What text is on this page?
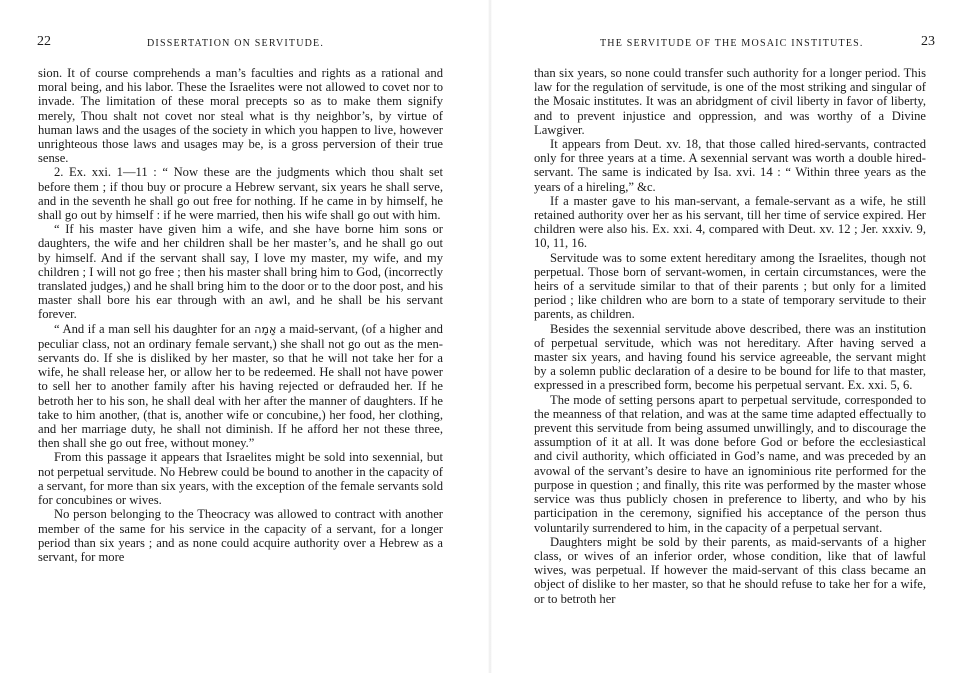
22	DISSERTATION ON SERVITUDE.

sion. It of course comprehends a man’s faculties and rights as a rational and moral being, and his labor. These the Israelites were not allowed to covet nor to invade. The limitation of these moral precepts so as to make them signify merely, Thou shalt not covet nor steal what is thy neighbor’s, by virtue of human laws and the usages of the society in which you happen to live, however unrighteous those laws and usages may be, is a gross perversion of their true sense.

2. Ex. xxi. 1—11 : “ Now these are the judgments which thou shalt set before them ; if thou buy or procure a Hebrew servant, six years he shall serve, and in the seventh he shall go out free for nothing. If he came in by himself, he shall go out by himself : if he were married, then his wife shall go out with him.

“ If his master have given him a wife, and she have borne him sons or daughters, the wife and her children shall be her master’s, and he shall go out by himself. And if the servant shall say, I love my master, my wife, and my children ; I will not go free ; then his master shall bring him to God, (incorrectly translated judges,) and he shall bring him to the door or to the door post, and his master shall bore his ear through with an awl, and he shall be his servant forever.

“ And if a man sell his daughter for an אָמָה a maid-servant, (of a higher and peculiar class, not an ordinary female servant,) she shall not go out as the men-servants do. If she is disliked by her master, so that he will not take her for a wife, he shall release her, or allow her to be redeemed. He shall not have power to sell her to another family after his having rejected or defrauded her. If he betroth her to his son, he shall deal with her after the manner of daughters. If he take to him another, (that is, another wife or concubine,) her food, her clothing, and her marriage duty, he shall not diminish. If he afford her not these three, then shall she go out free, without money.”

From this passage it appears that Israelites might be sold into sexennial, but not perpetual servitude. No Hebrew could be bound to another in the capacity of a servant, for more than six years, with the exception of the female servants sold for concubines or wives.

No person belonging to the Theocracy was allowed to contract with another member of the same for his service in the capacity of a servant, for a longer period than six years ; and as none could acquire authority over a Hebrew as a servant, for more

THE SERVITUDE OF THE MOSAIC INSTITUTES.	23

than six years, so none could transfer such authority for a longer period. This law for the regulation of servitude, is one of the most striking and singular of the Mosaic institutes. It was an abridgment of civil liberty in favor of liberty, and to prevent injustice and oppression, and was worthy of a Divine Lawgiver.

It appears from Deut. xv. 18, that those called hired-servants, contracted only for three years at a time. A sexennial servant was worth a double hired-servant. The same is indicated by Isa. xvi. 14 : “ Within three years as the years of a hireling,” &c.

If a master gave to his man-servant, a female-servant as a wife, he still retained authority over her as his servant, till her time of service expired. Her children were also his. Ex. xxi. 4, compared with Deut. xv. 12 ; Jer. xxxiv. 9, 10, 11, 16.

Servitude was to some extent hereditary among the Israelites, though not perpetual. Those born of servant-women, in certain circumstances, were the heirs of a servitude similar to that of their parents ; but only for a limited period ; like children who are born to a state of temporary servitude to their parents, as children.

Besides the sexennial servitude above described, there was an institution of perpetual servitude, which was not hereditary. After having served a master six years, and having found his service agreeable, the servant might by a solemn public declaration of a desire to be bound for life to that master, expressed in a prescribed form, become his perpetual servant. Ex. xxi. 5, 6.

The mode of setting persons apart to perpetual servitude, corresponded to the meanness of that relation, and was at the same time adapted effectually to prevent this servitude from being assumed unwillingly, and to discourage the assumption of it at all. It was done before God or before the ecclesiastical and civil authority, which officiated in God’s name, and was preceded by an avowal of the servant’s desire to have an ignominious rite performed for the purpose in question ; and finally, this rite was performed by the master whose service was thus publicly chosen in preference to liberty, and who by his participation in the ceremony, signified his acceptance of the person thus voluntarily surrendered to him, in the capacity of a perpetual servant.

Daughters might be sold by their parents, as maid-servants of a higher class, or wives of an inferior order, whose condition, like that of lawful wives, was perpetual. If however the maid-servant of this class became an object of dislike to her master, so that he should refuse to take her for a wife, or to betroth her
